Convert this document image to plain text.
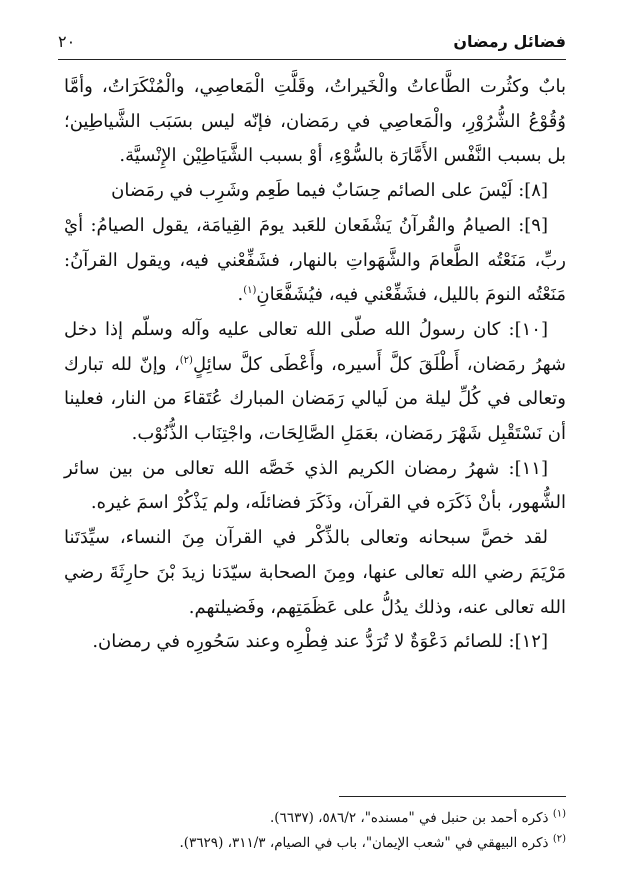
فضائل رمضان
٢٠

بابٌ وكثُرت الطَّاعاتُ والْخَيراتُ، وقَلَّتِ الْمَعاصِي، والْمُنْكَرَاتُ، وأمَّا وُقُوْعُ الشُّرُوْرِ، والْمَعاصِي في رمَضان، فإنّه ليس بسَبَب الشَّياطِين؛ بل بسبب النَّفْس الأَمَّارَة بالسُّوْءِ، أوْ بسبب الشَّيَاطِيْن الإِنْسيَّة.

[٨]: لَيْسَ على الصائم حِسَابٌ فيما طَعِم وشَرِب في رمَضان

[٩]: الصيامُ والقُرآنُ يَشْفَعان للعَبد يومَ القِيامَة، يقول الصيامُ: أيْ ربِّ، مَنَعْتُه الطَّعامَ والشَّهَواتِ بالنهار، فشَفِّعْني فيه، ويقول القرآنُ: مَنَعْتُه النومَ بالليل، فشَفِّعْني فيه، فيُشَفَّعَانِ$^{(١)}$.

[١٠]: كان رسولُ الله صلّى الله تعالى عليه وآله وسلّم إذا دخل شهرُ رمَضان، أَطْلَقَ كلَّ أَسيره، وأَعْطَى كلَّ سائِلٍ$^{(٢)}$، وإنّ لله تبارك وتعالى في كُلِّ ليلة من لَيالي رَمَضان المبارك عُتَقاءَ من النار، فعلينا أن نَسْتَقْبِل شَهْرَ رمَضان، بعَمَلِ الصَّالِحَات، واجْتِنَاب الذُّنُوْب.

[١١]: شهرُ رمضان الكريم الذي خَصَّه الله تعالى من بين سائر الشُّهور، بأنْ ذَكَرَه في القرآن، وذَكَرَ فضائلَه، ولم يَذْكُرْ اسمَ غيره.

لقد خصَّ سبحانه وتعالى بالذِّكْر في القرآن مِنَ النساء، سيِّدَتَنا مَرْيَمَ رضي الله تعالى عنها، ومِنَ الصحابة سيّدَنا زيدَ بْنَ حارِثَةَ رضي الله تعالى عنه، وذلك يدُلُّ على عَظَمَتِهم، وفَضيلتهم.

[١٢]: للصائم دَعْوَةٌ لا تُرَدُّ عند فِطْرِه وعند سَحُورِه في رمضان.

$^{(١)}$ ذكره أحمد بن حنبل في "مسنده"، ٥٨٦/٢، (٦٦٣٧).

$^{(٢)}$ ذكره البيهقي في "شعب الإيمان"، باب في الصيام، ٣١١/٣، (٣٦٢٩).
